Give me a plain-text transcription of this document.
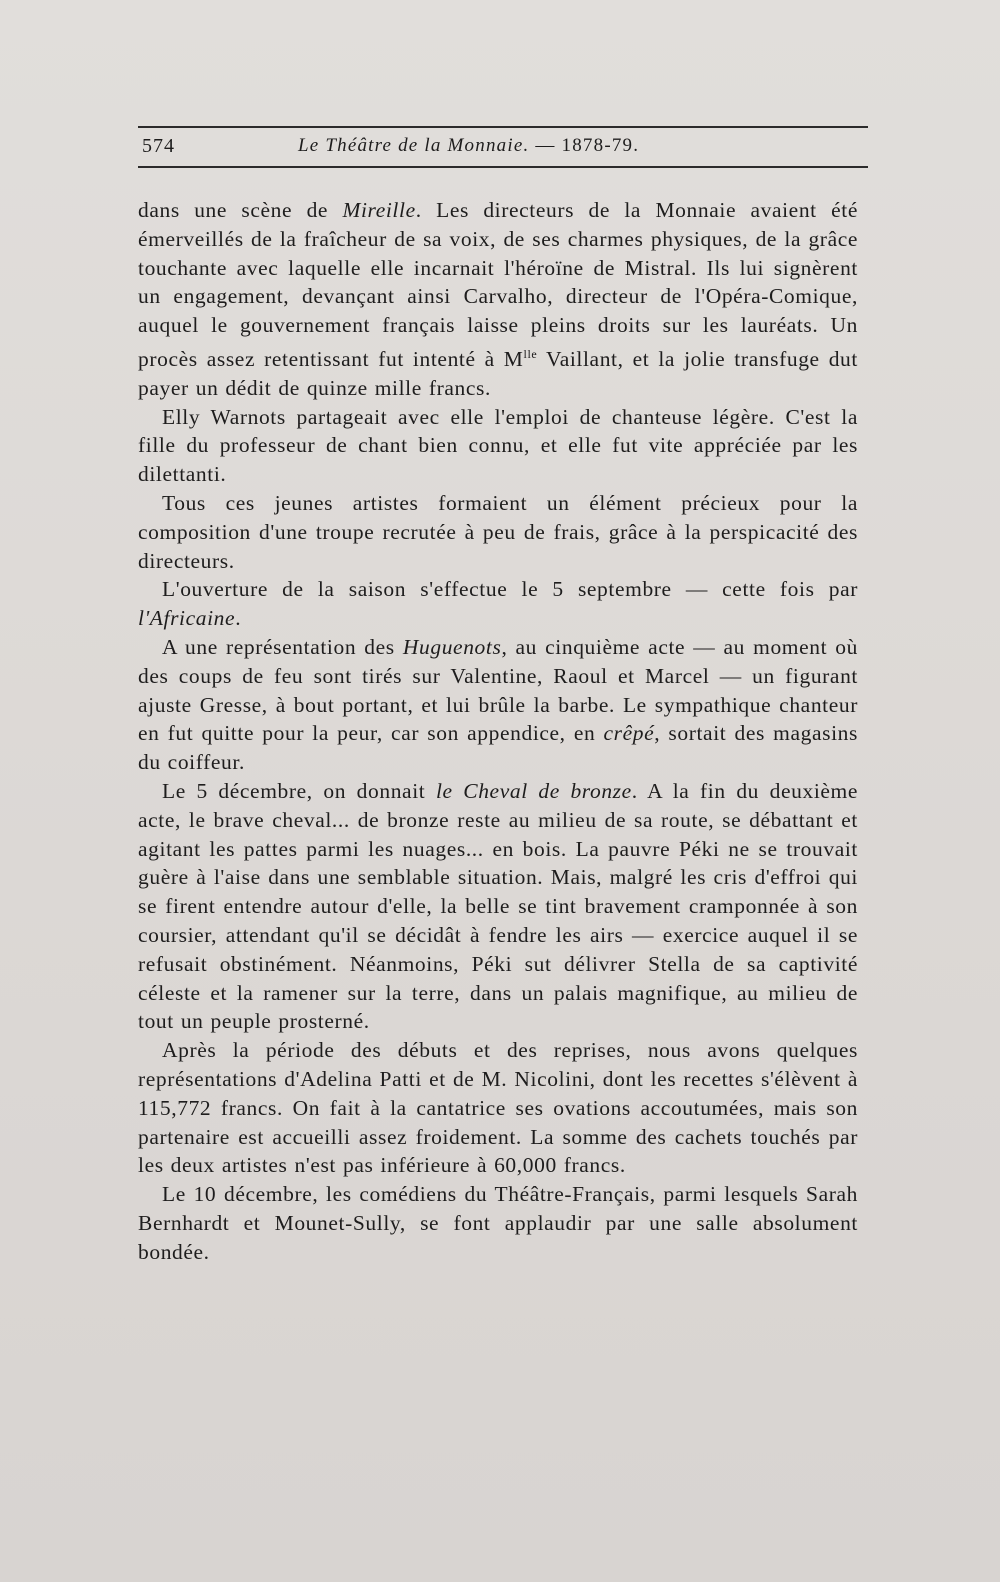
574	Le Théâtre de la Monnaie. — 1878-79.

dans une scène de Mireille. Les directeurs de la Monnaie avaient été émerveillés de la fraîcheur de sa voix, de ses charmes physiques, de la grâce touchante avec laquelle elle incarnait l'héroïne de Mistral. Ils lui signèrent un engagement, devançant ainsi Carvalho, directeur de l'Opéra-Comique, auquel le gouvernement français laisse pleins droits sur les lauréats. Un procès assez retentissant fut intenté à $M^{lle}$ Vaillant, et la jolie transfuge dut payer un dédit de quinze mille francs.

Elly Warnots partageait avec elle l'emploi de chanteuse légère. C'est la fille du professeur de chant bien connu, et elle fut vite appréciée par les dilettanti.

Tous ces jeunes artistes formaient un élément précieux pour la composition d'une troupe recrutée à peu de frais, grâce à la perspicacité des directeurs.

L'ouverture de la saison s'effectue le 5 septembre — cette fois par l'Africaine.

A une représentation des Huguenots, au cinquième acte — au moment où des coups de feu sont tirés sur Valentine, Raoul et Marcel — un figurant ajuste Gresse, à bout portant, et lui brûle la barbe. Le sympathique chanteur en fut quitte pour la peur, car son appendice, en crêpé, sortait des magasins du coiffeur.

Le 5 décembre, on donnait le Cheval de bronze. A la fin du deuxième acte, le brave cheval... de bronze reste au milieu de sa route, se débattant et agitant les pattes parmi les nuages... en bois. La pauvre Péki ne se trouvait guère à l'aise dans une semblable situation. Mais, malgré les cris d'effroi qui se firent entendre autour d'elle, la belle se tint bravement cramponnée à son coursier, attendant qu'il se décidât à fendre les airs — exercice auquel il se refusait obstinément. Néanmoins, Péki sut délivrer Stella de sa captivité céleste et la ramener sur la terre, dans un palais magnifique, au milieu de tout un peuple prosterné.

Après la période des débuts et des reprises, nous avons quelques représentations d'Adelina Patti et de M. Nicolini, dont les recettes s'élèvent à 115,772 francs. On fait à la cantatrice ses ovations accoutumées, mais son partenaire est accueilli assez froidement. La somme des cachets touchés par les deux artistes n'est pas inférieure à 60,000 francs.

Le 10 décembre, les comédiens du Théâtre-Français, parmi lesquels Sarah Bernhardt et Mounet-Sully, se font applaudir par une salle absolument bondée.
